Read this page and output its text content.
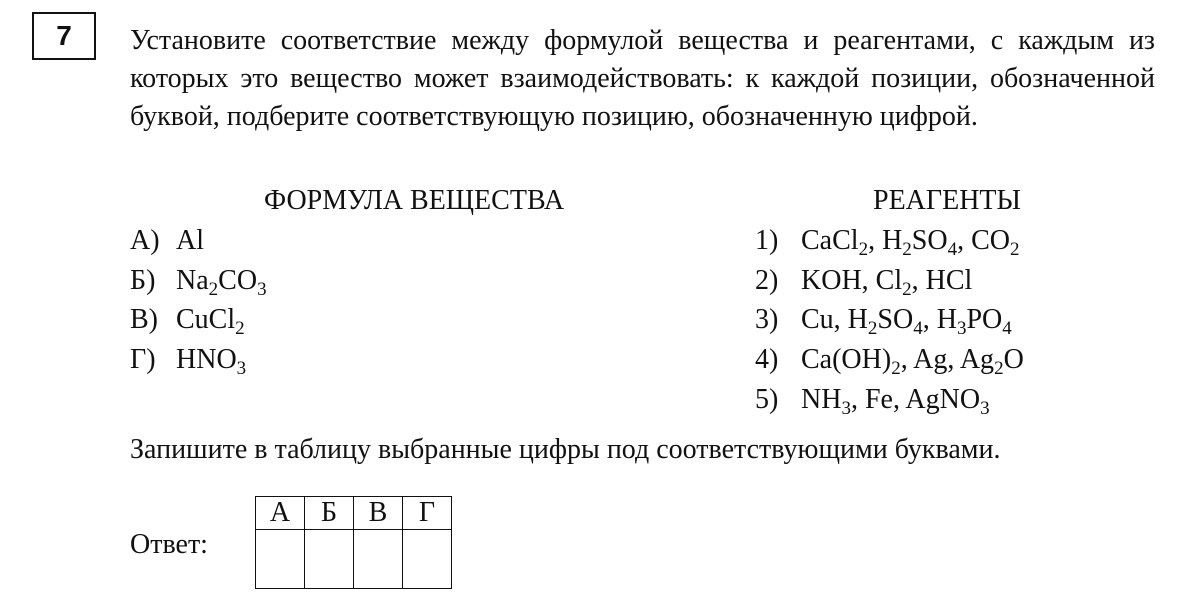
7 Установите соответствие между формулой вещества и реагентами, с каждым из которых это вещество может взаимодействовать: к каждой позиции, обозначенной буквой, подберите соответствующую позицию, обозначенную цифрой.
ФОРМУЛА ВЕЩЕСТВА	РЕАГЕНТЫ
А) Al
Б) $Na_2CO_3$
В) CuCl$_2$
Г) $HNO_3$
1) CaCl$_2$, $H_2SO_4$, $CO_2$
2) KOH, $Cl_2$, HCl
3) Cu, $H_2SO_4$, $H_3PO_4$
4) $Ca(OH)_2$, Ag, $Ag_2O$
5) $NH_3$, Fe, AgNO$_3$
Запишите в таблицу выбранные цифры под соответствующими буквами.
Ответ:
А	Б	В	Г
